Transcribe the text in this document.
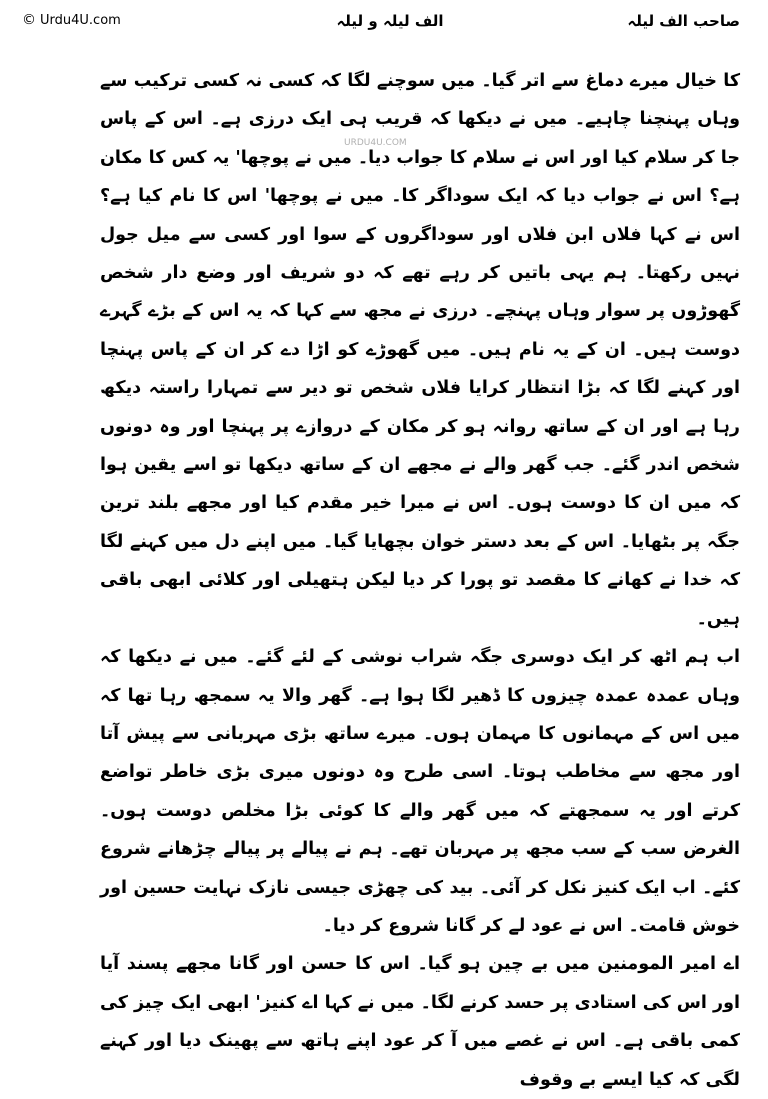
صاحب الف لیلہ
الف لیلہ و لیلہ
© Urdu4U.com
URDU4U.COM

کا خیال میرے دماغ سے اتر گیا۔ میں سوچنے لگا کہ کسی نہ کسی ترکیب سے وہاں پہنچنا چاہیے۔ میں نے دیکھا کہ قریب ہی ایک درزی ہے۔ اس کے پاس جا کر سلام کیا اور اس نے سلام کا جواب دیا۔ میں نے پوچھا' یہ کس کا مکان ہے؟ اس نے جواب دیا کہ ایک سوداگر کا۔ میں نے پوچھا' اس کا نام کیا ہے؟ اس نے کہا فلاں ابن فلاں اور سوداگروں کے سوا اور کسی سے میل جول نہیں رکھتا۔ ہم یہی باتیں کر رہے تھے کہ دو شریف اور وضع دار شخص گھوڑوں پر سوار وہاں پہنچے۔ درزی نے مجھ سے کہا کہ یہ اس کے بڑے گہرے دوست ہیں۔ ان کے یہ نام ہیں۔ میں گھوڑے کو اڑا دے کر ان کے پاس پہنچا اور کہنے لگا کہ بڑا انتظار کرایا فلاں شخص تو دیر سے تمہارا راستہ دیکھ رہا ہے اور ان کے ساتھ روانہ ہو کر مکان کے دروازے پر پہنچا اور وہ دونوں شخص اندر گئے۔ جب گھر والے نے مجھے ان کے ساتھ دیکھا تو اسے یقین ہوا کہ میں ان کا دوست ہوں۔ اس نے میرا خیر مقدم کیا اور مجھے بلند ترین جگہ پر بٹھایا۔ اس کے بعد دستر خوان بچھایا گیا۔ میں اپنے دل میں کہنے لگا کہ خدا نے کھانے کا مقصد تو پورا کر دیا لیکن ہتھیلی اور کلائی ابھی باقی ہیں۔

اب ہم اٹھ کر ایک دوسری جگہ شراب نوشی کے لئے گئے۔ میں نے دیکھا کہ وہاں عمدہ عمدہ چیزوں کا ڈھیر لگا ہوا ہے۔ گھر والا یہ سمجھ رہا تھا کہ میں اس کے مہمانوں کا مہمان ہوں۔ میرے ساتھ بڑی مہربانی سے پیش آتا اور مجھ سے مخاطب ہوتا۔ اسی طرح وہ دونوں میری بڑی خاطر تواضع کرتے اور یہ سمجھتے کہ میں گھر والے کا کوئی بڑا مخلص دوست ہوں۔ الغرض سب کے سب مجھ پر مہربان تھے۔ ہم نے پیالے پر پیالے چڑھانے شروع کئے۔ اب ایک کنیز نکل کر آئی۔ بید کی چھڑی جیسی نازک نہایت حسین اور خوش قامت۔ اس نے عود لے کر گانا شروع کر دیا۔

اے امیر المومنین میں بے چین ہو گیا۔ اس کا حسن اور گانا مجھے پسند آیا اور اس کی استادی پر حسد کرنے لگا۔ میں نے کہا اے کنیز' ابھی ایک چیز کی کمی باقی ہے۔ اس نے غصے میں آ کر عود اپنے ہاتھ سے پھینک دیا اور کہنے لگی کہ کیا ایسے بے وقوف
